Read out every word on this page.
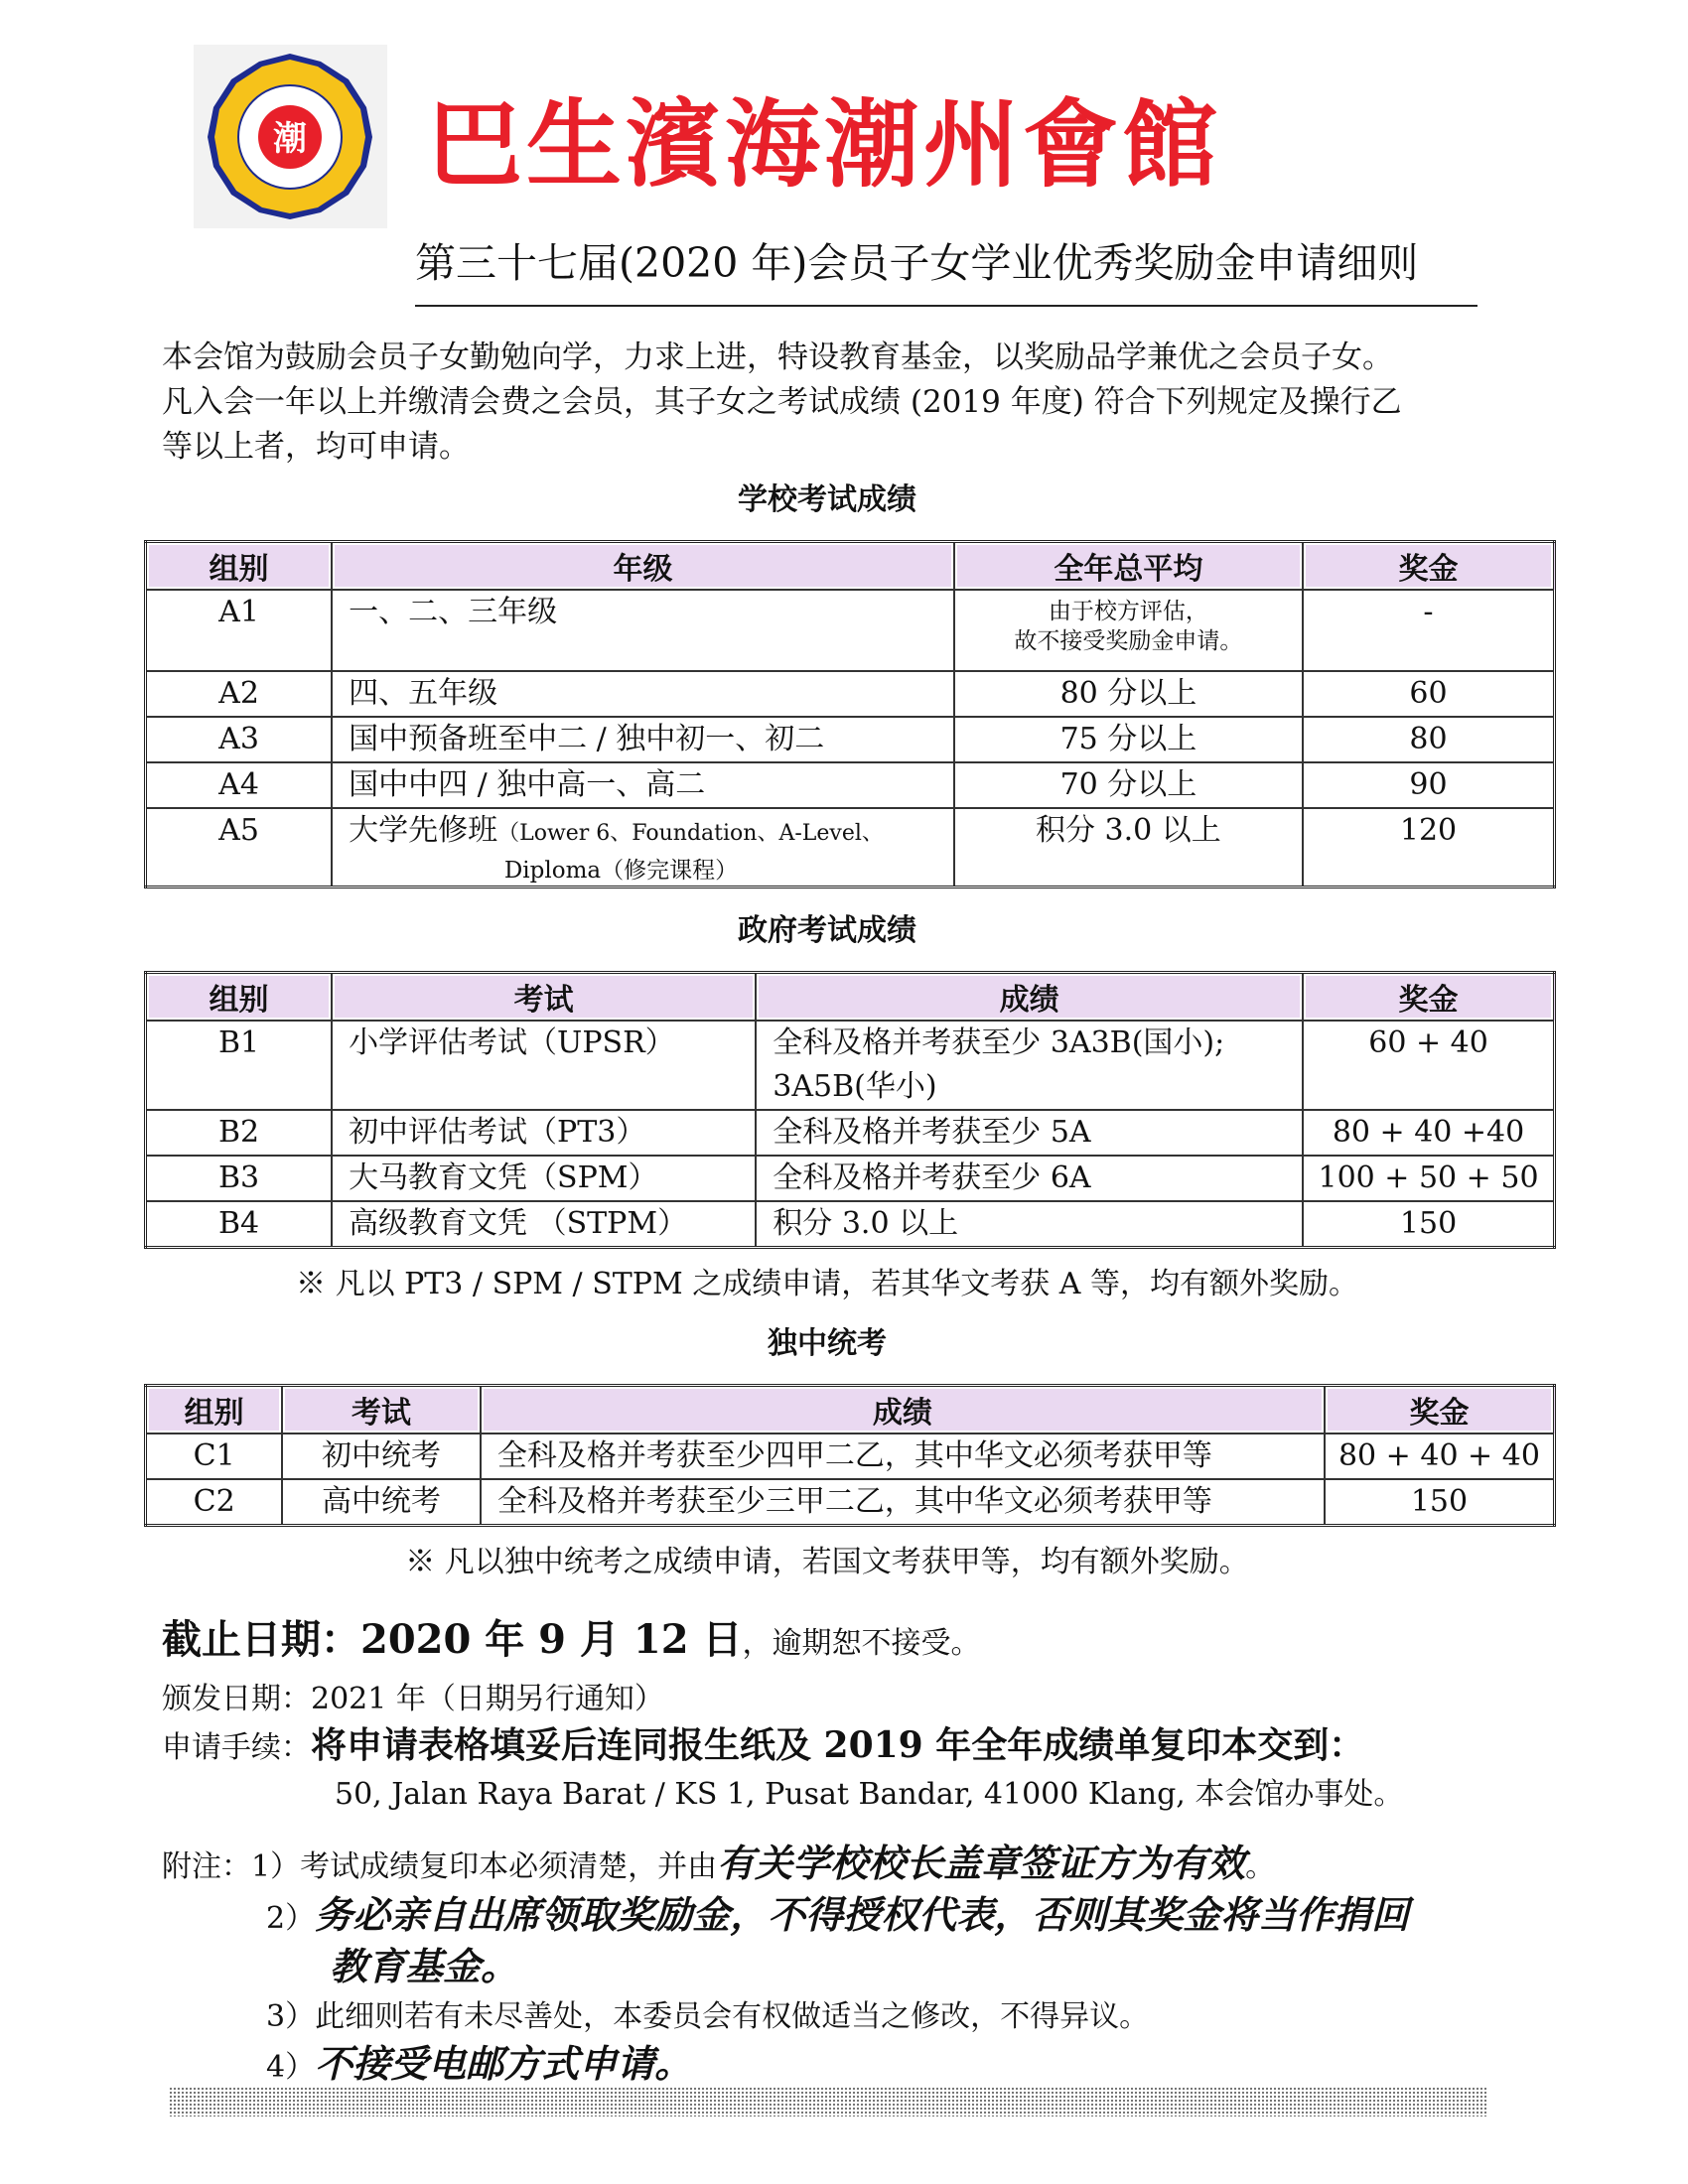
潮 巴生濱海潮州會館
第三十七届(2020 年)会员子女学业优秀奖励金申请细则

本会馆为鼓励会员子女勤勉向学，力求上进，特设教育基金，以奖励品学兼优之会员子女。

凡入会一年以上并缴清会费之会员，其子女之考试成绩 (2019 年度) 符合下列规定及操行乙

等以上者，均可申请。

学校考试成绩
组别	年级	全年总平均	奖金
A1	一、二、三年级	由于校方评估，
故不接受奖励金申请。	-
A2	四、五年级	80 分以上	60
A3	国中预备班至中二 / 独中初一、初二	75 分以上	80
A4	国中中四 / 独中高一、高二	70 分以上	90
A5	大学先修班（Lower 6、Foundation、A-Level、
Diploma（修完课程）	积分 3.0 以上	120
政府考试成绩
组别	考试	成绩	奖金
B1	小学评估考试（UPSR）	全科及格并考获至少 3A3B(国小);
3A5B(华小)	60 + 40
B2	初中评估考试（PT3）	全科及格并考获至少 5A	80 + 40 +40
B3	大马教育文凭（SPM）	全科及格并考获至少 6A	100 + 50 + 50
B4	高级教育文凭 （STPM）	积分 3.0 以上	150
※ 凡以 PT3 / SPM / STPM 之成绩申请，若其华文考获 A 等，均有额外奖励。
独中统考
组别	考试	成绩	奖金
C1	初中统考	全科及格并考获至少四甲二乙，其中华文必须考获甲等	80 + 40 + 40
C2	高中统考	全科及格并考获至少三甲二乙，其中华文必须考获甲等	150
※ 凡以独中统考之成绩申请，若国文考获甲等，均有额外奖励。
截止日期：2020 年 9 月 12 日，逾期恕不接受。
颁发日期：2021 年（日期另行通知）
申请手续：将申请表格填妥后连同报生纸及 2019 年全年成绩单复印本交到：
50, Jalan Raya Barat / KS 1, Pusat Bandar, 41000 Klang, 本会馆办事处。
附注：1）考试成绩复印本必须清楚，并由有关学校校长盖章签证方为有效。
2）务必亲自出席领取奖励金，不得授权代表，否则其奖金将当作捐回
教育基金。
3）此细则若有未尽善处，本委员会有权做适当之修改，不得异议。
4）不接受电邮方式申请。
